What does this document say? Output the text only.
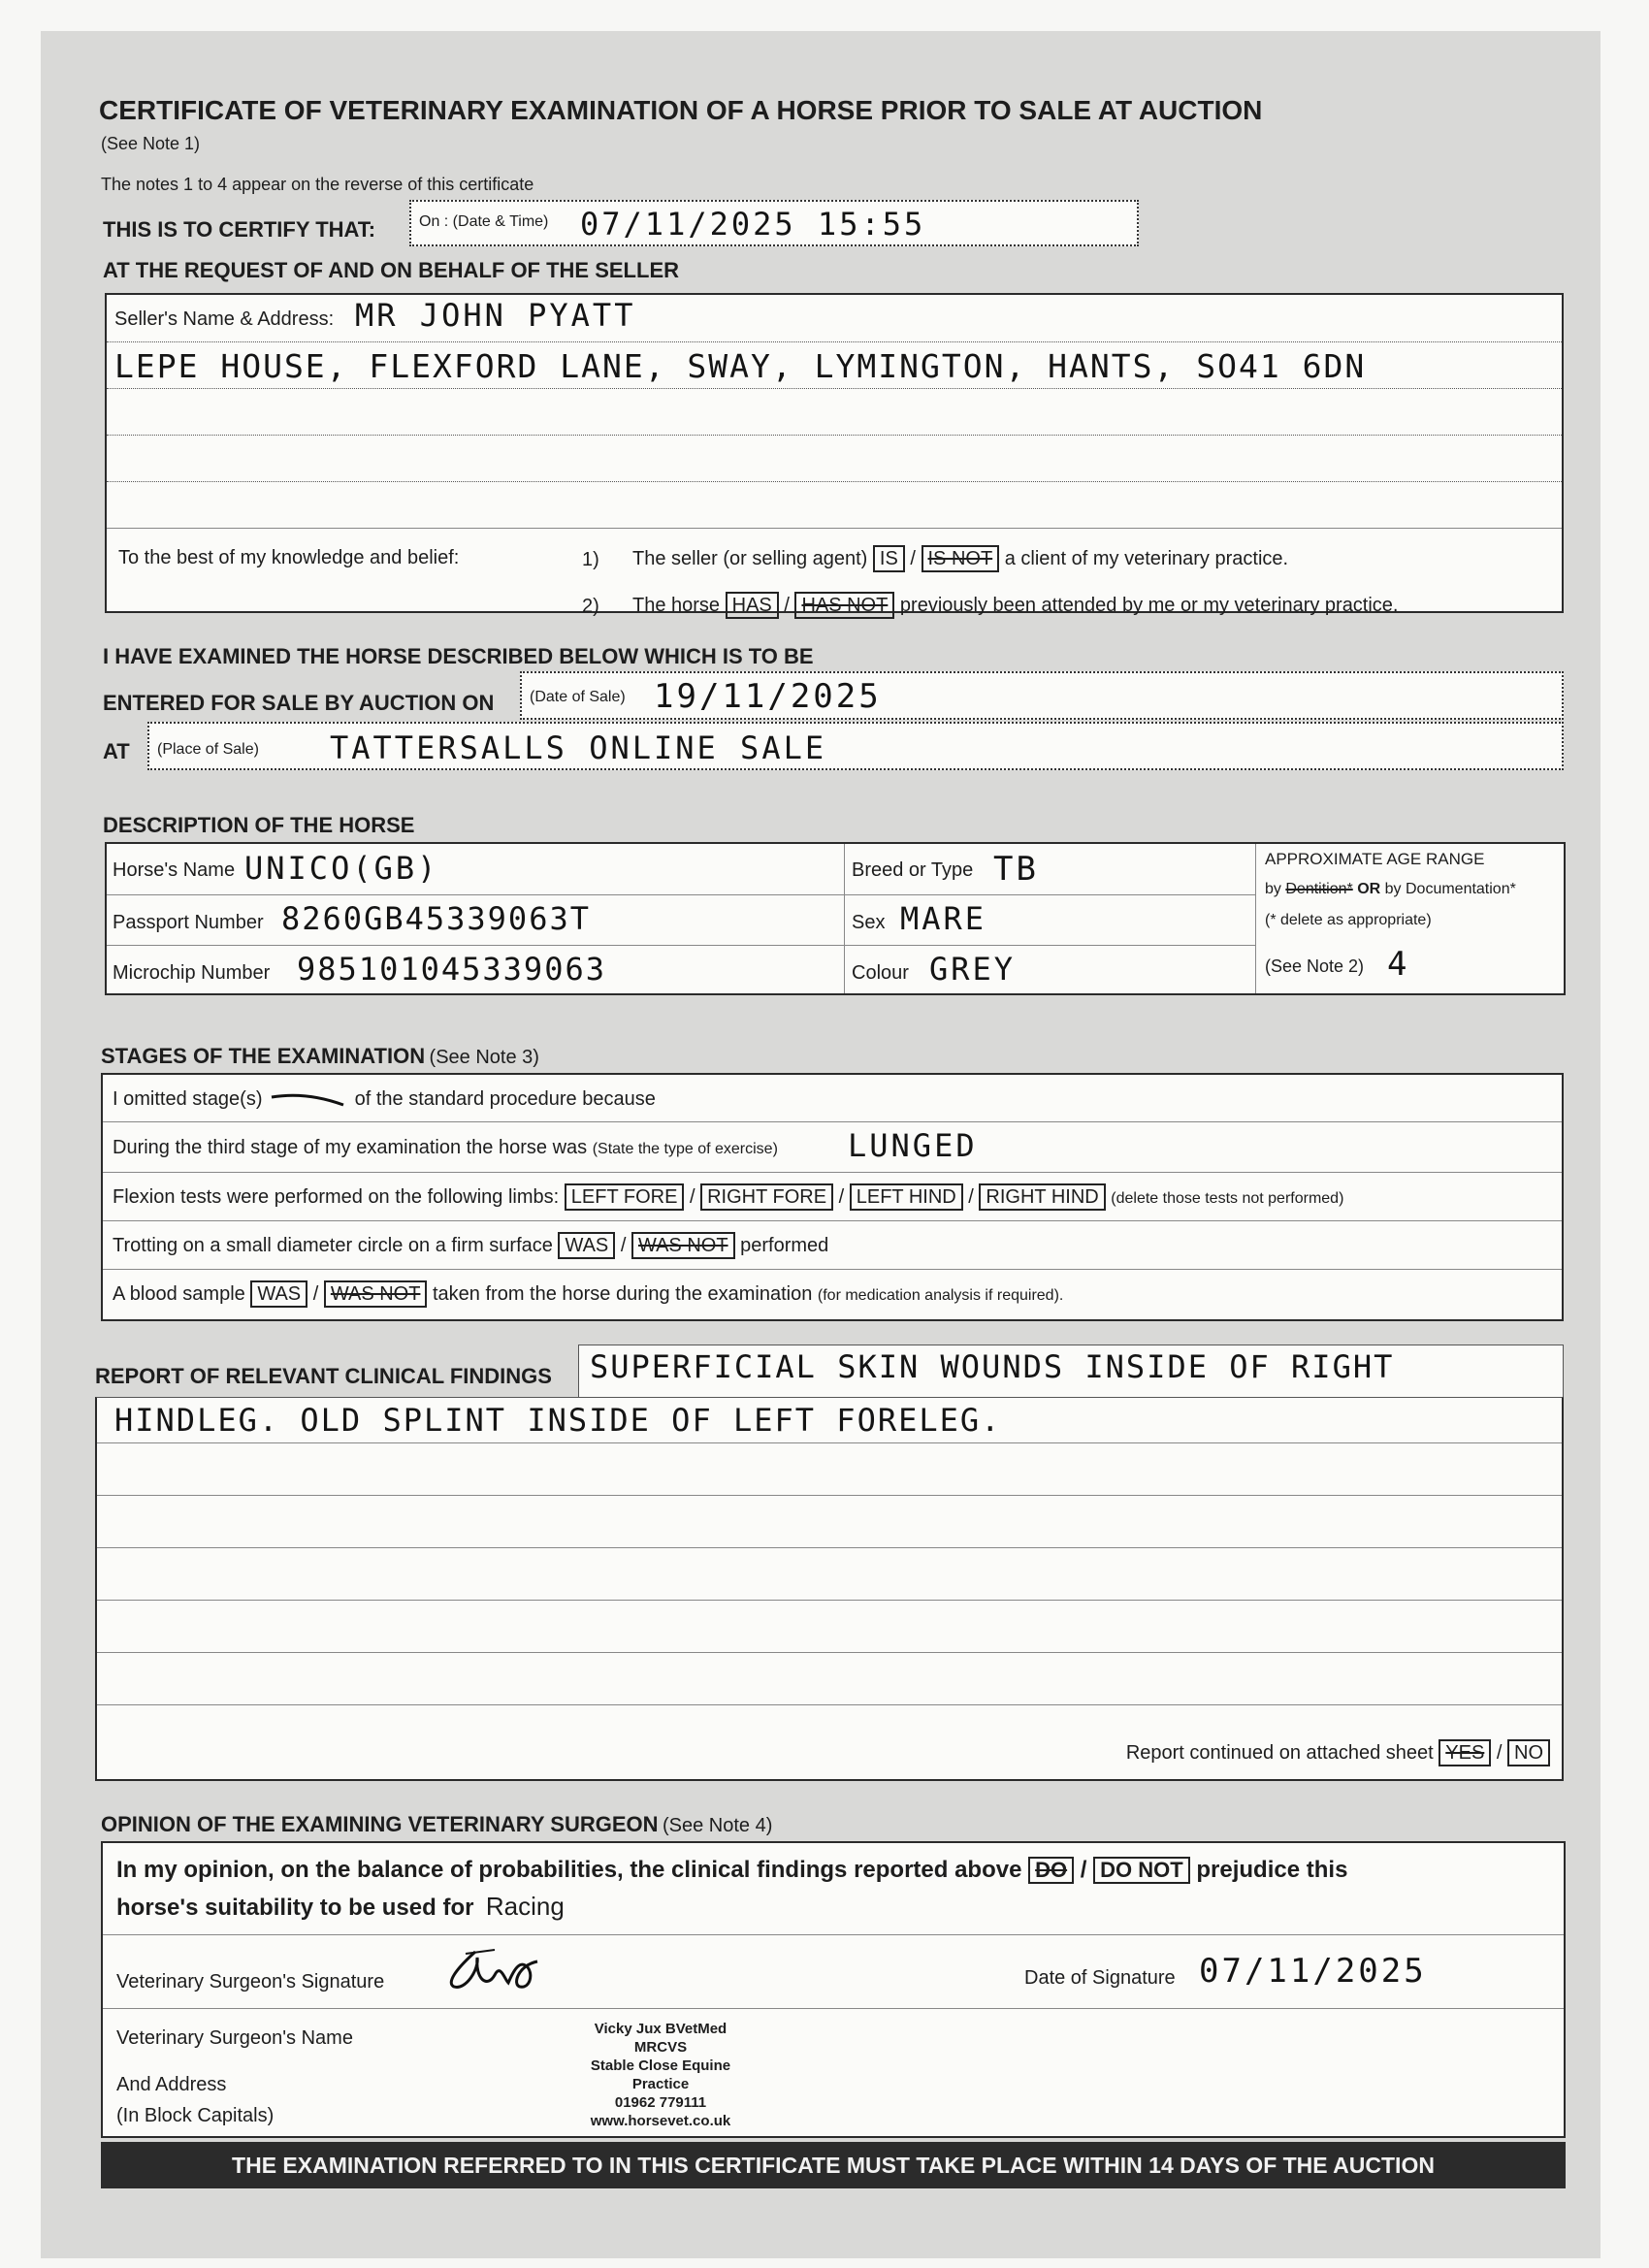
CERTIFICATE OF VETERINARY EXAMINATION OF A HORSE PRIOR TO SALE AT AUCTION
(See Note 1)
The notes 1 to 4 appear on the reverse of this certificate
THIS IS TO CERTIFY THAT:	On : (Date & Time) 07/11/2025 15:55
AT THE REQUEST OF AND ON BEHALF OF THE SELLER
Seller's Name & Address: MR JOHN PYATT
LEPE HOUSE, FLEXFORD LANE, SWAY, LYMINGTON, HANTS, SO41 6DN
To the best of my knowledge and belief:	1) The seller (or selling agent) IS / IS NOT a client of my veterinary practice.
2) The horse HAS / HAS NOT previously been attended by me or my veterinary practice.
I HAVE EXAMINED THE HORSE DESCRIBED BELOW WHICH IS TO BE
ENTERED FOR SALE BY AUCTION ON (Date of Sale) 19/11/2025
AT (Place of Sale) TATTERSALLS ONLINE SALE
DESCRIPTION OF THE HORSE
Horse's Name UNICO(GB)
Passport Number 8260GB45339063T
Microchip Number 985101045339063
Breed or Type TB
Sex MARE
Colour GREY
APPROXIMATE AGE RANGE
by Dentition* OR by Documentation*
(* delete as appropriate)
(See Note 2) 4
STAGES OF THE EXAMINATION (See Note 3)
I omitted stage(s)	of the standard procedure because
During the third stage of my examination the horse was (State the type of exercise) LUNGED
Flexion tests were performed on the following limbs: LEFT FORE / RIGHT FORE / LEFT HIND / RIGHT HIND (delete those tests not performed)
Trotting on a small diameter circle on a firm surface WAS / WAS NOT performed
A blood sample WAS / WAS NOT taken from the horse during the examination (for medication analysis if required).
REPORT OF RELEVANT CLINICAL FINDINGS
HINDLEG. OLD SPLINT INSIDE OF LEFT FORELEG.
Report continued on attached sheet YES / NO
SUPERFICIAL SKIN WOUNDS INSIDE OF RIGHT
OPINION OF THE EXAMINING VETERINARY SURGEON (See Note 4)
In my opinion, on the balance of probabilities, the clinical findings reported above DO / DO NOT prejudice this
horse's suitability to be used for Racing
Veterinary Surgeon's Signature	Date of Signature 07/11/2025
Veterinary Surgeon's Name
And Address
(In Block Capitals)
Vicky Jux BVetMed MRCVS
Stable Close Equine Practice
01962 779111
www.horsevet.co.uk
THE EXAMINATION REFERRED TO IN THIS CERTIFICATE MUST TAKE PLACE WITHIN 14 DAYS OF THE AUCTION
